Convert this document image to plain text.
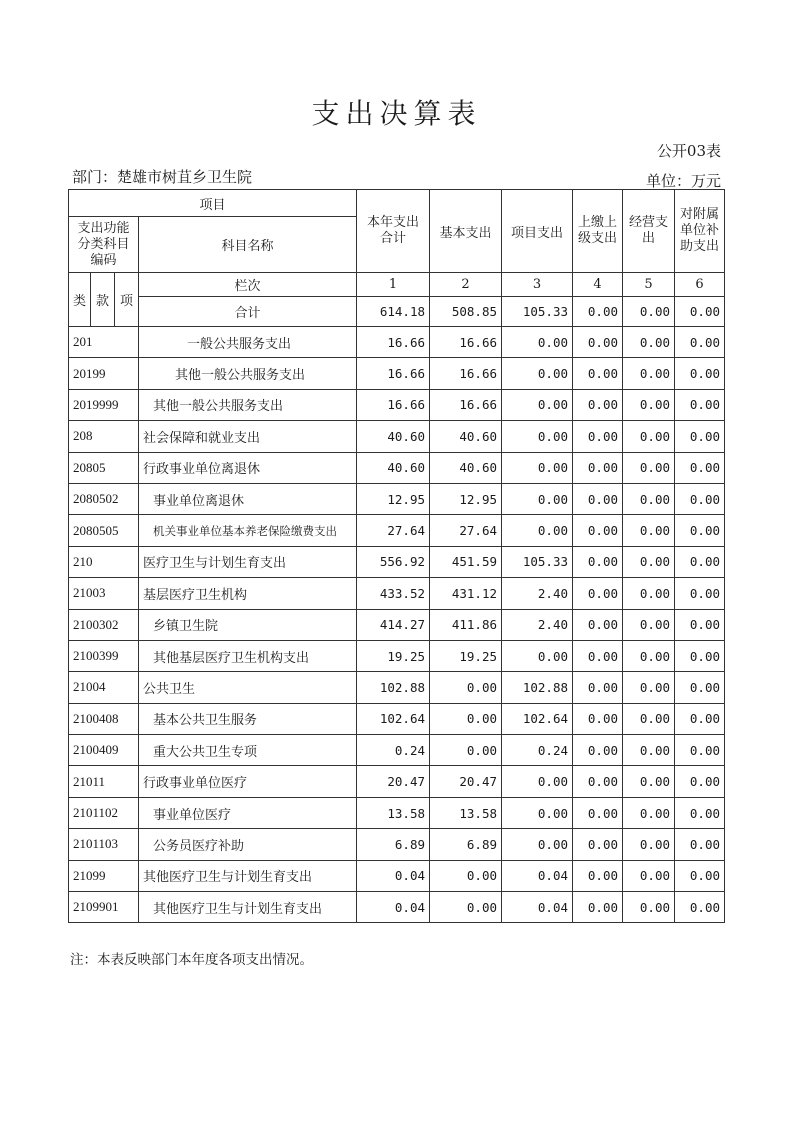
支出决算表
公开03表
部门：楚雄市树苴乡卫生院	单位：万元
项目				本年支出合计	基本支出	项目支出	上缴上级支出	经营支出	对附属单位补助支出
支出功能分类科目编码			科目名称						

类	款	项	栏次	1	2	3	4	5	6
			合计	614.18	508.85	105.33	0.00	0.00	0.00
201			一般公共服务支出	16.66	16.66	0.00	0.00	0.00	0.00
20199			其他一般公共服务支出	16.66	16.66	0.00	0.00	0.00	0.00
2019999			其他一般公共服务支出	16.66	16.66	0.00	0.00	0.00	0.00
208			社会保障和就业支出	40.60	40.60	0.00	0.00	0.00	0.00
20805			行政事业单位离退休	40.60	40.60	0.00	0.00	0.00	0.00
2080502			事业单位离退休	12.95	12.95	0.00	0.00	0.00	0.00
2080505			机关事业单位基本养老保险缴费支出	27.64	27.64	0.00	0.00	0.00	0.00
210			医疗卫生与计划生育支出	556.92	451.59	105.33	0.00	0.00	0.00
21003			基层医疗卫生机构	433.52	431.12	2.40	0.00	0.00	0.00
2100302			乡镇卫生院	414.27	411.86	2.40	0.00	0.00	0.00
2100399			其他基层医疗卫生机构支出	19.25	19.25	0.00	0.00	0.00	0.00
21004			公共卫生	102.88	0.00	102.88	0.00	0.00	0.00
2100408			基本公共卫生服务	102.64	0.00	102.64	0.00	0.00	0.00
2100409			重大公共卫生专项	0.24	0.00	0.24	0.00	0.00	0.00
21011			行政事业单位医疗	20.47	20.47	0.00	0.00	0.00	0.00
2101102			事业单位医疗	13.58	13.58	0.00	0.00	0.00	0.00
2101103			公务员医疗补助	6.89	6.89	0.00	0.00	0.00	0.00
21099			其他医疗卫生与计划生育支出	0.04	0.00	0.04	0.00	0.00	0.00
2109901			其他医疗卫生与计划生育支出	0.04	0.00	0.04	0.00	0.00	0.00
注：本表反映部门本年度各项支出情况。
